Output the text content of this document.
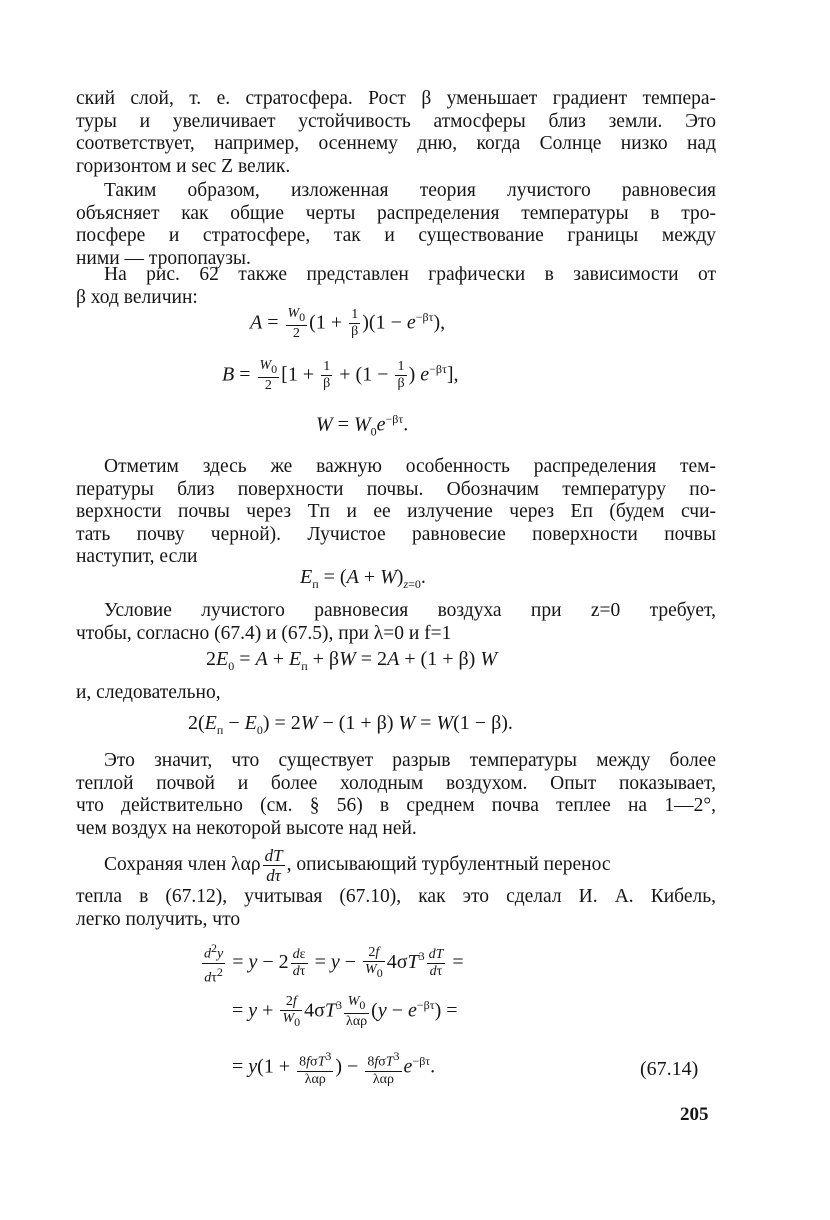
ский слой, т. е. стратосфера. Рост β уменьшает градиент темпера-
туры и увеличивает устойчивость атмосферы близ земли. Это
соответствует, например, осеннему дню, когда Солнце низко над
горизонтом и sec Z велик.

Таким образом, изложенная теория лучистого равновесия
объясняет как общие черты распределения температуры в тро-
посфере и стратосфере, так и существование границы между
ними — тропопаузы.

На рис. 62 также представлен графически в зависимости от
β ход величин:

$A = \frac{W_0}{2} (1 + \frac{1}{\beta} )(1 - e^{-\beta\tau})$,
$B = \frac{W_0}{2} [1 + \frac{1}{\beta} + (1 - \frac{1}{\beta}$ ) $e^{-\beta\tau}$],
$W = W_0e^{-\beta\tau}$.

Отметим здесь же важную особенность распределения тем-
пературы близ поверхности почвы. Обозначим температуру по-
верхности почвы через Tп и ее излучение через Eп (будем счи-
тать почву черной). Лучистое равновесие поверхности почвы
наступит, если

$E_п = (A + W)_{z=0}$.

Условие лучистого равновесия воздуха при z=0 требует,
чтобы, согласно (67.4) и (67.5), при λ=0 и f=1

$2E_0 = A + E_п + \beta W = 2A + (1 + \beta)$ W

и, следовательно,

$2(E_п - E_0) = 2W - (1 + \beta) W = W(1 - \beta)$.

Это значит, что существует разрыв температуры между более
теплой почвой и более холодным воздухом. Опыт показывает,
что действительно (см. § 56) в среднем почва теплее на 1—2°,
чем воздух на некоторой высоте над ней.

Сохраняя член λαρ $\frac{dT}{d\tau}$ , описывающий турбулентный перенос

тепла в (67.12), учитывая (67.10), как это сделал И. А. Кибель,
легко получить, что

$\frac{d^2y}{d\tau^2} = y - 2 \frac{d\varepsilon}{d\tau} = y - \frac{2f}{W_0} 4\sigma T^3 \frac{dT}{d\tau}$ =
= $y + \frac{2f}{W_0} 4\sigma T^3 \frac{W_0}{\text{λαρ}} (y - e^{-\beta\tau})$ =
= $y(1 + \frac{8f\sigma T^3}{\text{λαρ}}$ ) − $\frac{8f\sigma T^3}{\text{λαρ}} e^{-\beta\tau}$.	(67.14)
205
